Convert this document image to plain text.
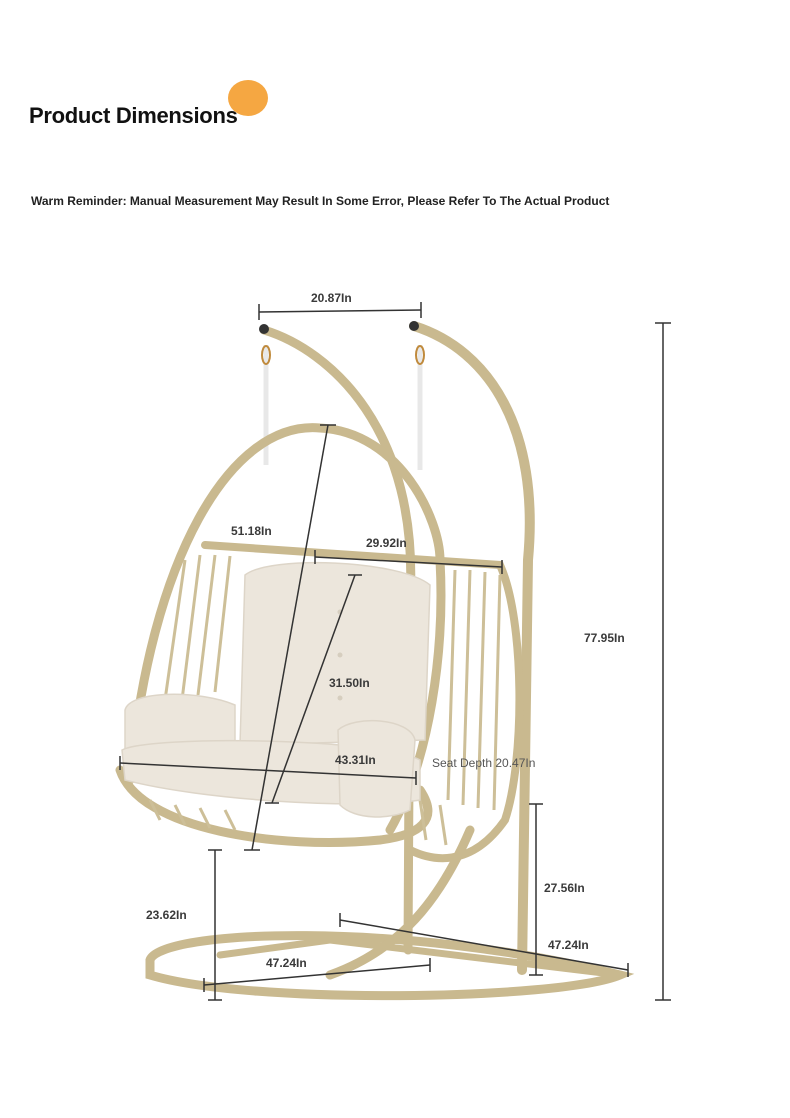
Product Dimensions
Warm Reminder: Manual Measurement May Result In Some Error, Please Refer To The Actual Product
20.87In
51.18In
29.92In
77.95In
31.50In
43.31In	Seat Depth 20.47In
27.56In
23.62In
47.24In
47.24In
